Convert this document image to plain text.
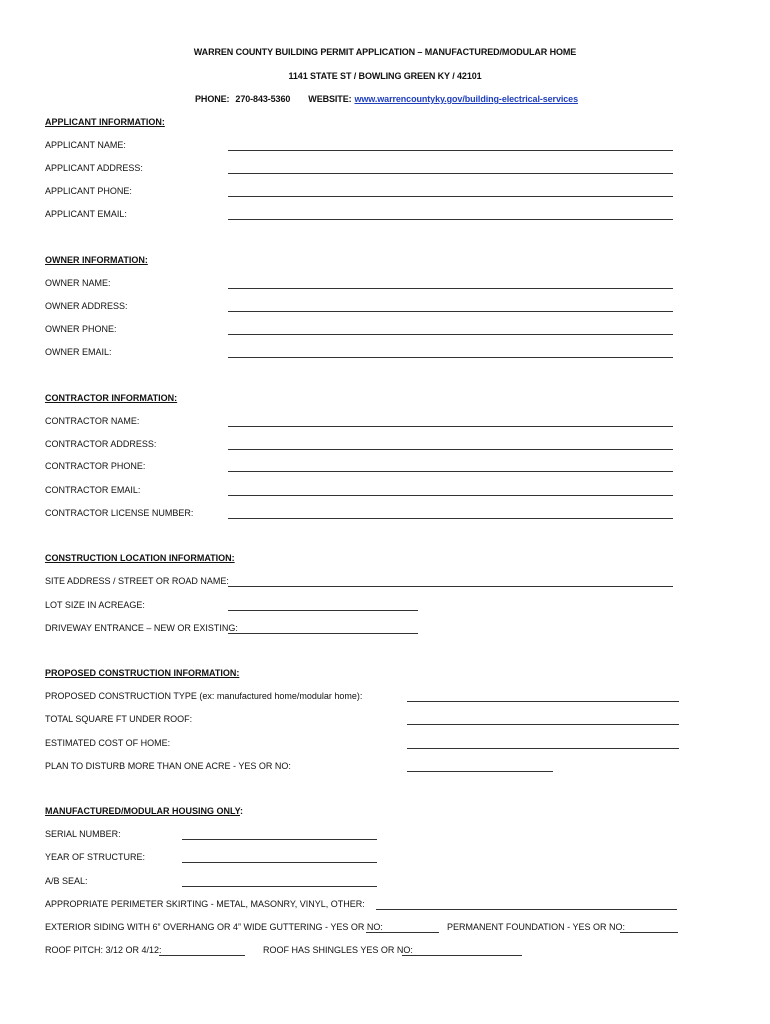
WARREN COUNTY BUILDING PERMIT APPLICATION – MANUFACTURED/MODULAR HOME
1141 STATE ST / BOWLING GREEN KY / 42101
PHONE: 270-843-5360 WEBSITE: www.warrencountyky.gov/building-electrical-services
APPLICANT INFORMATION:
APPLICANT NAME:
APPLICANT ADDRESS:
APPLICANT PHONE:
APPLICANT EMAIL:
OWNER INFORMATION:
OWNER NAME:
OWNER ADDRESS:
OWNER PHONE:
OWNER EMAIL:
CONTRACTOR INFORMATION:
CONTRACTOR NAME:
CONTRACTOR ADDRESS:
CONTRACTOR PHONE:
CONTRACTOR EMAIL:
CONTRACTOR LICENSE NUMBER:
CONSTRUCTION LOCATION INFORMATION:
SITE ADDRESS / STREET OR ROAD NAME:
LOT SIZE IN ACREAGE:
DRIVEWAY ENTRANCE – NEW OR EXISTING:
PROPOSED CONSTRUCTION INFORMATION:
PROPOSED CONSTRUCTION TYPE (ex: manufactured home/modular home):
TOTAL SQUARE FT UNDER ROOF:
ESTIMATED COST OF HOME:
PLAN TO DISTURB MORE THAN ONE ACRE - YES OR NO:
MANUFACTURED/MODULAR HOUSING ONLY:
SERIAL NUMBER:
YEAR OF STRUCTURE:
A/B SEAL:
APPROPRIATE PERIMETER SKIRTING - METAL, MASONRY, VINYL, OTHER:
EXTERIOR SIDING WITH 6” OVERHANG OR 4” WIDE GUTTERING - YES OR NO:	PERMANENT FOUNDATION - YES OR NO:
ROOF PITCH: 3/12 OR 4/12:	ROOF HAS SHINGLES YES OR NO:
